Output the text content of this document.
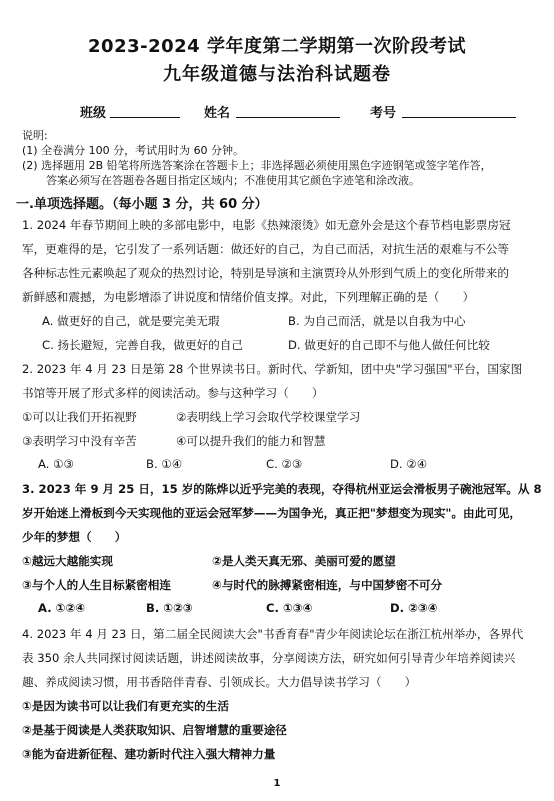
2023-2024 学年度第二学期第一次阶段考试
九年级道德与法治科试题卷
班级	姓名	考号
说明:
(1) 全卷满分 100 分，考试用时为 60 分钟。
(2) 选择题用 2B 铅笔将所选答案涂在答题卡上；非选择题必须使用黑色字迹钢笔或签字笔作答，
答案必须写在答题卷各题目指定区域内；不准使用其它颜色字迹笔和涂改液。
一.单项选择题。（每小题 3 分，共 60 分）
1. 2024 年春节期间上映的多部电影中，电影《热辣滚烫》如无意外会是这个春节档电影票房冠
军，更难得的是，它引发了一系列话题：做还好的自己，为自己而活，对抗生活的艰难与不公等
各种标志性元素唤起了观众的热烈讨论，特别是导演和主演贾玲从外形到气质上的变化所带来的
新鲜感和震撼，为电影增添了讲说度和情绪价值支撑。对此，下列理解正确的是（　　）
A. 做更好的自己，就是要完美无瑕	B. 为自己而活，就是以自我为中心
C. 扬长避短，完善自我，做更好的自己	D. 做更好的自己即不与他人做任何比较
2. 2023 年 4 月 23 日是第 28 个世界读书日。新时代、学新知，团中央"学习强国"平台，国家图
书馆等开展了形式多样的阅读活动。参与这种学习（　　）
①可以让我们开拓视野	②表明线上学习会取代学校课堂学习
③表明学习中没有辛苦	④可以提升我们的能力和智慧
A. ①③	B. ①④	C. ②③	D. ②④
3. 2023 年 9 月 25 日，15 岁的陈烨以近乎完美的表现，夺得杭州亚运会滑板男子碗池冠军。从 8
岁开始迷上滑板到今天实现他的亚运会冠军梦——为国争光，真正把"梦想变为现实"。由此可见，
少年的梦想（　　）
①越远大越能实现	②是人类天真无邪、美丽可爱的愿望
③与个人的人生目标紧密相连	④与时代的脉搏紧密相连，与中国梦密不可分
A. ①②④	B. ①②③	C. ①③④	D. ②③④
4. 2023 年 4 月 23 日，第二届全民阅读大会"书香育春"青少年阅读论坛在浙江杭州举办，各界代
表 350 余人共同探讨阅读话题，讲述阅读故事，分享阅读方法，研究如何引导青少年培养阅读兴
趣、养成阅读习惯，用书香陪伴青春、引领成长。大力倡导读书学习（　　）
①是因为读书可以让我们有更充实的生活
②是基于阅读是人类获取知识、启智增慧的重要途径
③能为奋进新征程、建功新时代注入强大精神力量
1
